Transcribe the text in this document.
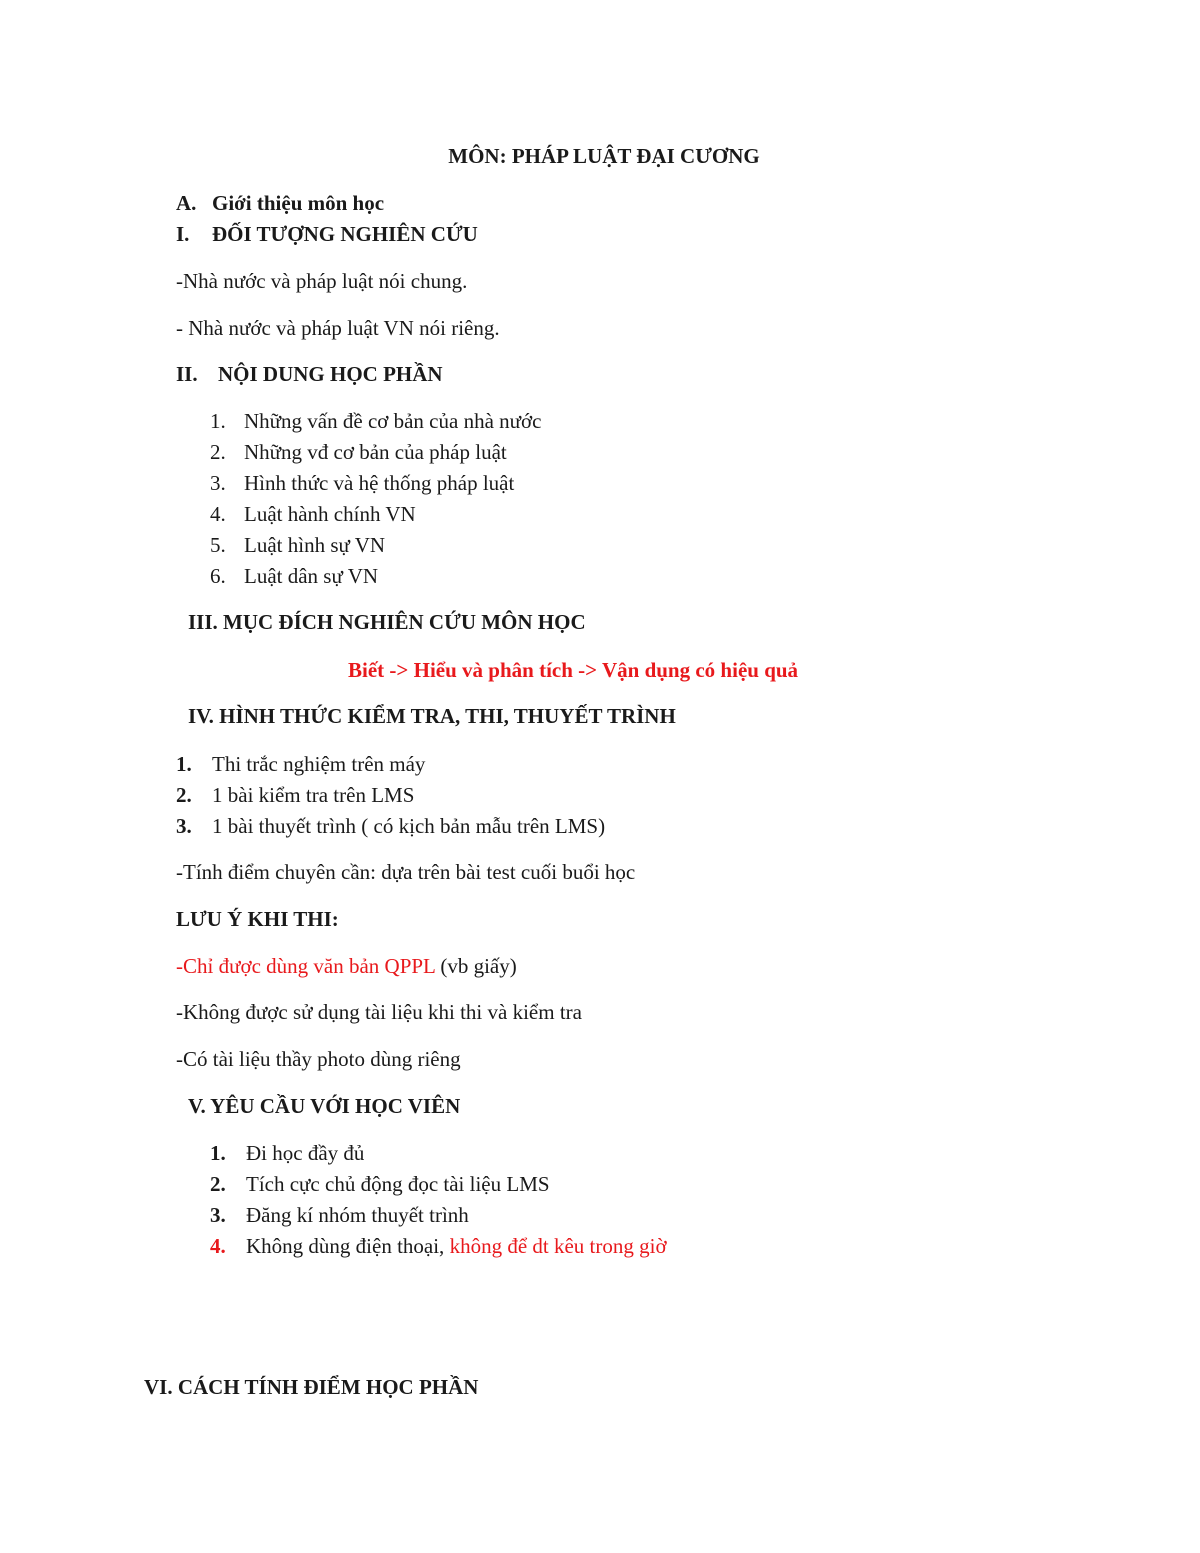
MÔN: PHÁP LUẬT ĐẠI CƯƠNG
A. Giới thiệu môn học
I. ĐỐI TƯỢNG NGHIÊN CỨU
-Nhà nước và pháp luật nói chung.
- Nhà nước và pháp luật VN nói riêng.
II. NỘI DUNG HỌC PHẦN
1. Những vấn đề cơ bản của nhà nước
2. Những vđ cơ bản của pháp luật
3. Hình thức và hệ thống pháp luật
4. Luật hành chính VN
5. Luật hình sự VN
6. Luật dân sự VN
III. MỤC ĐÍCH NGHIÊN CỨU MÔN HỌC
Biết -> Hiểu và phân tích -> Vận dụng có hiệu quả
IV. HÌNH THỨC KIỂM TRA, THI, THUYẾT TRÌNH
1. Thi trắc nghiệm trên máy
2. 1 bài kiểm tra trên LMS
3. 1 bài thuyết trình ( có kịch bản mẫu trên LMS)
-Tính điểm chuyên cần: dựa trên bài test cuối buổi học
LƯU Ý KHI THI:
-Chỉ được dùng văn bản QPPL (vb giấy)
-Không được sử dụng tài liệu khi thi và kiểm tra
-Có tài liệu thầy photo dùng riêng
V. YÊU CẦU VỚI HỌC VIÊN
1. Đi học đầy đủ
2. Tích cực chủ động đọc tài liệu LMS
3. Đăng kí nhóm thuyết trình
4. Không dùng điện thoại, không để dt kêu trong giờ
VI. CÁCH TÍNH ĐIỂM HỌC PHẦN
